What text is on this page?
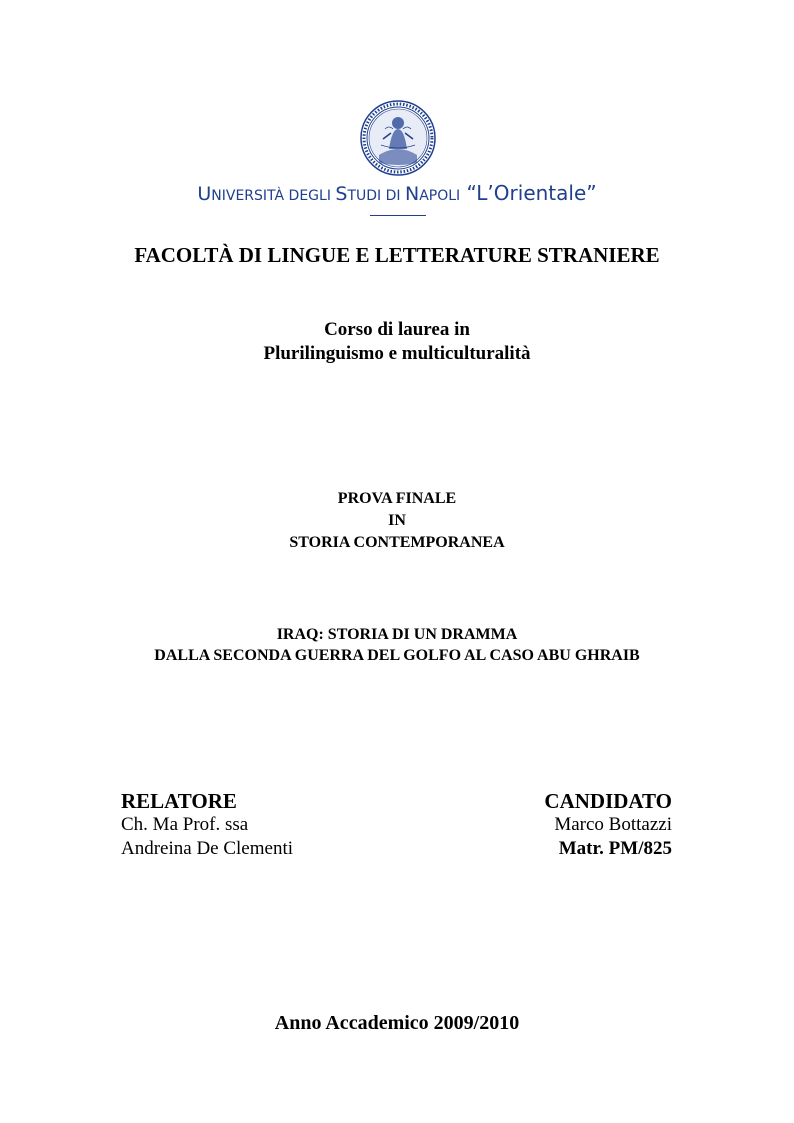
UNIVERSITÀ DEGLI STUDI DI NAPOLI “L’Orientale”
FACOLTÀ DI LINGUE E LETTERATURE STRANIERE
Corso di laurea in
Plurilinguismo e multiculturalità
PROVA FINALE
IN
STORIA CONTEMPORANEA
IRAQ: STORIA DI UN DRAMMA
DALLA SECONDA GUERRA DEL GOLFO AL CASO ABU GHRAIB
RELATORE
Ch. Ma Prof. ssa
Andreina De Clementi
CANDIDATO
Marco Bottazzi
Matr. PM/825
Anno Accademico 2009/2010
